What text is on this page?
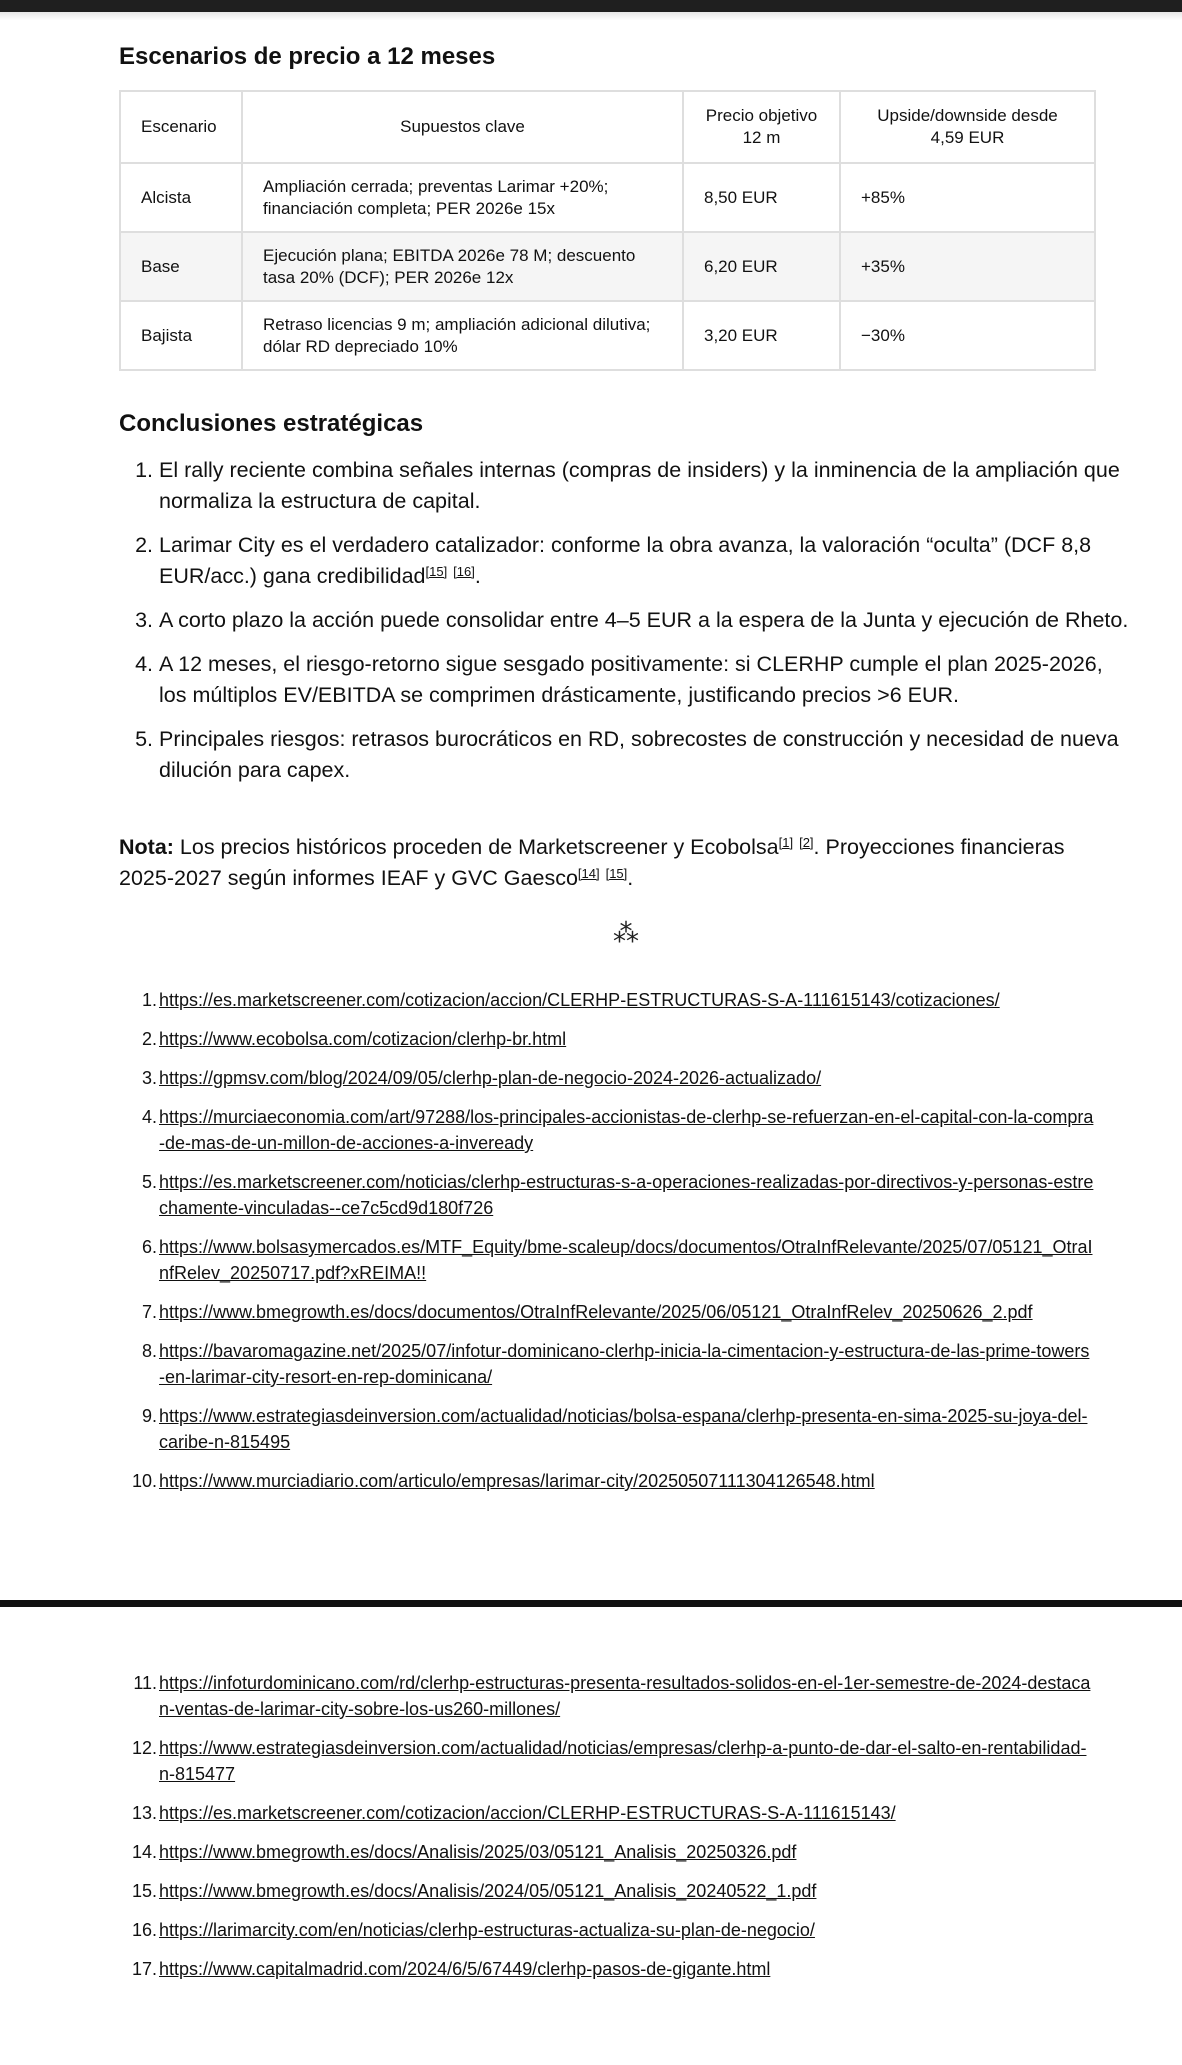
Escenarios de precio a 12 meses
Escenario	Supuestos clave	Precio objetivo 12 m	Upside/downside desde 4,59 EUR
Alcista	Ampliación cerrada; preventas Larimar +20%; financiación completa; PER 2026e 15x	8,50 EUR	+85%
Base	Ejecución plana; EBITDA 2026e 78 M; descuento tasa 20% (DCF); PER 2026e 12x	6,20 EUR	+35%
Bajista	Retraso licencias 9 m; ampliación adicional dilutiva; dólar RD depreciado 10%	3,20 EUR	−30%
Conclusiones estratégicas
1. El rally reciente combina señales internas (compras de insiders) y la inminencia de la ampliación que normaliza la estructura de capital.
2. Larimar City es el verdadero catalizador: conforme la obra avanza, la valoración “oculta” (DCF 8,8 EUR/acc.) gana credibilidad[15] [16].
3. A corto plazo la acción puede consolidar entre 4–5 EUR a la espera de la Junta y ejecución de Rheto.
4. A 12 meses, el riesgo-retorno sigue sesgado positivamente: si CLERHP cumple el plan 2025-2026, los múltiplos EV/EBITDA se comprimen drásticamente, justificando precios >6 EUR.
5. Principales riesgos: retrasos burocráticos en RD, sobrecostes de construcción y necesidad de nueva dilución para capex.

Nota: Los precios históricos proceden de Marketscreener y Ecobolsa[1] [2]. Proyecciones financieras 2025-2027 según informes IEAF y GVC Gaesco[14] [15].

⁂
1. https://es.marketscreener.com/cotizacion/accion/CLERHP-ESTRUCTURAS-S-A-111615143/cotizaciones/
2. https://www.ecobolsa.com/cotizacion/clerhp-br.html
3. https://gpmsv.com/blog/2024/09/05/clerhp-plan-de-negocio-2024-2026-actualizado/
4. https://murciaeconomia.com/art/97288/los-principales-accionistas-de-clerhp-se-refuerzan-en-el-capital-con-la-compra-de-mas-de-un-millon-de-acciones-a-inveready
5. https://es.marketscreener.com/noticias/clerhp-estructuras-s-a-operaciones-realizadas-por-directivos-y-personas-estrechamente-vinculadas--ce7c5cd9d180f726
6. https://www.bolsasymercados.es/MTF_Equity/bme-scaleup/docs/documentos/OtraInfRelevante/2025/07/05121_OtraInfRelev_20250717.pdf?xREIMA!!
7. https://www.bmegrowth.es/docs/documentos/OtraInfRelevante/2025/06/05121_OtraInfRelev_20250626_2.pdf
8. https://bavaromagazine.net/2025/07/infotur-dominicano-clerhp-inicia-la-cimentacion-y-estructura-de-las-prime-towers-en-larimar-city-resort-en-rep-dominicana/
9. https://www.estrategiasdeinversion.com/actualidad/noticias/bolsa-espana/clerhp-presenta-en-sima-2025-su-joya-del-caribe-n-815495
10. https://www.murciadiario.com/articulo/empresas/larimar-city/20250507111304126548.html
11. https://infoturdominicano.com/rd/clerhp-estructuras-presenta-resultados-solidos-en-el-1er-semestre-de-2024-destacan-ventas-de-larimar-city-sobre-los-us260-millones/
12. https://www.estrategiasdeinversion.com/actualidad/noticias/empresas/clerhp-a-punto-de-dar-el-salto-en-rentabilidad-n-815477
13. https://es.marketscreener.com/cotizacion/accion/CLERHP-ESTRUCTURAS-S-A-111615143/
14. https://www.bmegrowth.es/docs/Analisis/2025/03/05121_Analisis_20250326.pdf
15. https://www.bmegrowth.es/docs/Analisis/2024/05/05121_Analisis_20240522_1.pdf
16. https://larimarcity.com/en/noticias/clerhp-estructuras-actualiza-su-plan-de-negocio/
17. https://www.capitalmadrid.com/2024/6/5/67449/clerhp-pasos-de-gigante.html
